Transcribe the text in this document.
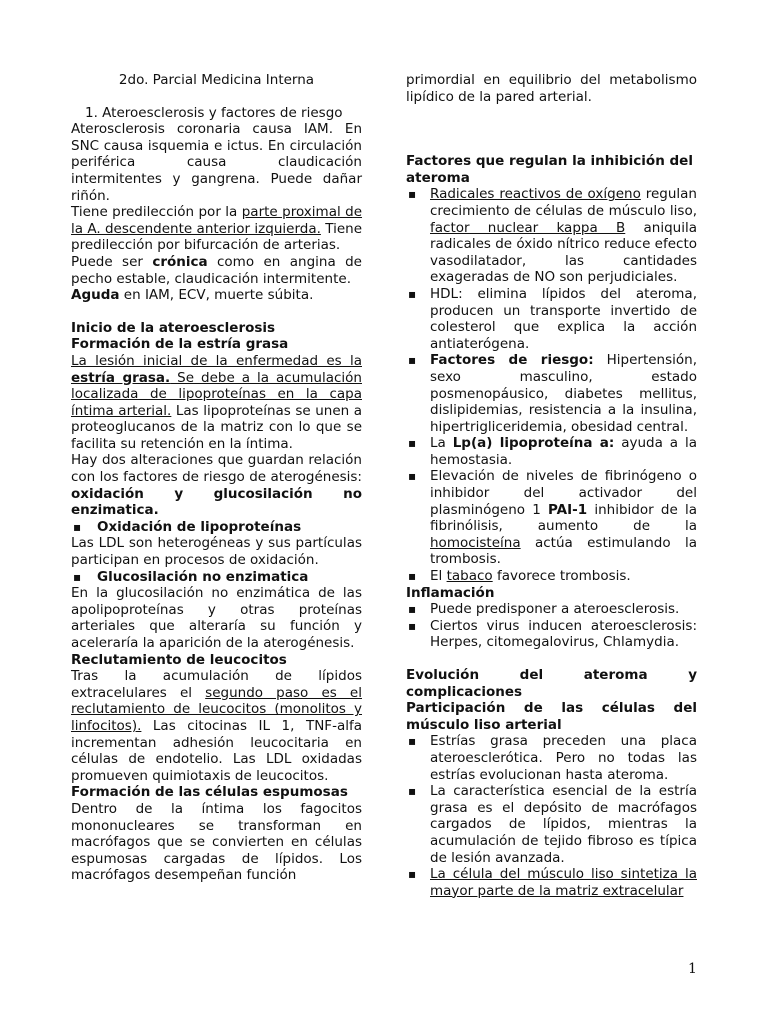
2do. Parcial Medicina Interna

1. Ateroesclerosis y factores de riesgo

Aterosclerosis coronaria causa IAM. En SNC causa isquemia e ictus. En circulación periférica causa claudicación intermitentes y gangrena. Puede dañar riñón.

Tiene predilección por la parte proximal de la A. descendente anterior izquierda. Tiene predilección por bifurcación de arterias.

Puede ser crónica como en angina de pecho estable, claudicación intermitente.
Aguda en IAM, ECV, muerte súbita.

Inicio de la ateroesclerosis

Formación de la estría grasa

La lesión inicial de la enfermedad es la estría grasa. Se debe a la acumulación localizada de lipoproteínas en la capa íntima arterial. Las lipoproteínas se unen a proteoglucanos de la matriz con lo que se facilita su retención en la íntima.

Hay dos alteraciones que guardan relación con los factores de riesgo de aterogénesis: oxidación y glucosilación no enzimatica.

▪ Oxidación de lipoproteínas

Las LDL son heterogéneas y sus partículas participan en procesos de oxidación.

▪ Glucosilación no enzimatica

En la glucosilación no enzimática de las apolipoproteínas y otras proteínas arteriales que alteraría su función y aceleraría la aparición de la aterogénesis.

Reclutamiento de leucocitos

Tras la acumulación de lípidos extracelulares el segundo paso es el reclutamiento de leucocitos (monolitos y linfocitos). Las citocinas IL 1, TNF-alfa incrementan adhesión leucocitaria en células de endotelio. Las LDL oxidadas promueven quimiotaxis de leucocitos.

Formación de las células espumosas

Dentro de la íntima los fagocitos mononucleares se transforman en macrófagos que se convierten en células espumosas cargadas de lípidos. Los macrófagos desempeñan función

primordial en equilibrio del metabolismo lipídico de la pared arterial.

Factores que regulan la inhibición del ateroma

▪ Radicales reactivos de oxígeno regulan crecimiento de células de músculo liso, factor nuclear kappa B aniquila radicales de óxido nítrico reduce efecto vasodilatador, las cantidades exageradas de NO son perjudiciales.
▪ HDL: elimina lípidos del ateroma, producen un transporte invertido de colesterol que explica la acción antiaterógena.
▪ Factores de riesgo: Hipertensión, sexo masculino, estado posmenopáusico, diabetes mellitus, dislipidemias, resistencia a la insulina, hipertrigliceridemia, obesidad central.
▪ La Lp(a) lipoproteína a: ayuda a la hemostasia.
▪ Elevación de niveles de fibrinógeno o inhibidor del activador del plasminógeno 1 PAI-1 inhibidor de la fibrinólisis, aumento de la homocisteína actúa estimulando la trombosis.
▪ El tabaco favorece trombosis.

Inflamación

▪ Puede predisponer a ateroesclerosis.
▪ Ciertos virus inducen ateroesclerosis: Herpes, citomegalovirus, Chlamydia.

Evolución del ateroma y complicaciones

Participación de las células del músculo liso arterial

▪ Estrías grasa preceden una placa ateroesclerótica. Pero no todas las estrías evolucionan hasta ateroma.
▪ La característica esencial de la estría grasa es el depósito de macrófagos cargados de lípidos, mientras la acumulación de tejido fibroso es típica de lesión avanzada.
▪ La célula del músculo liso sintetiza la mayor parte de la matriz extracelular
1
